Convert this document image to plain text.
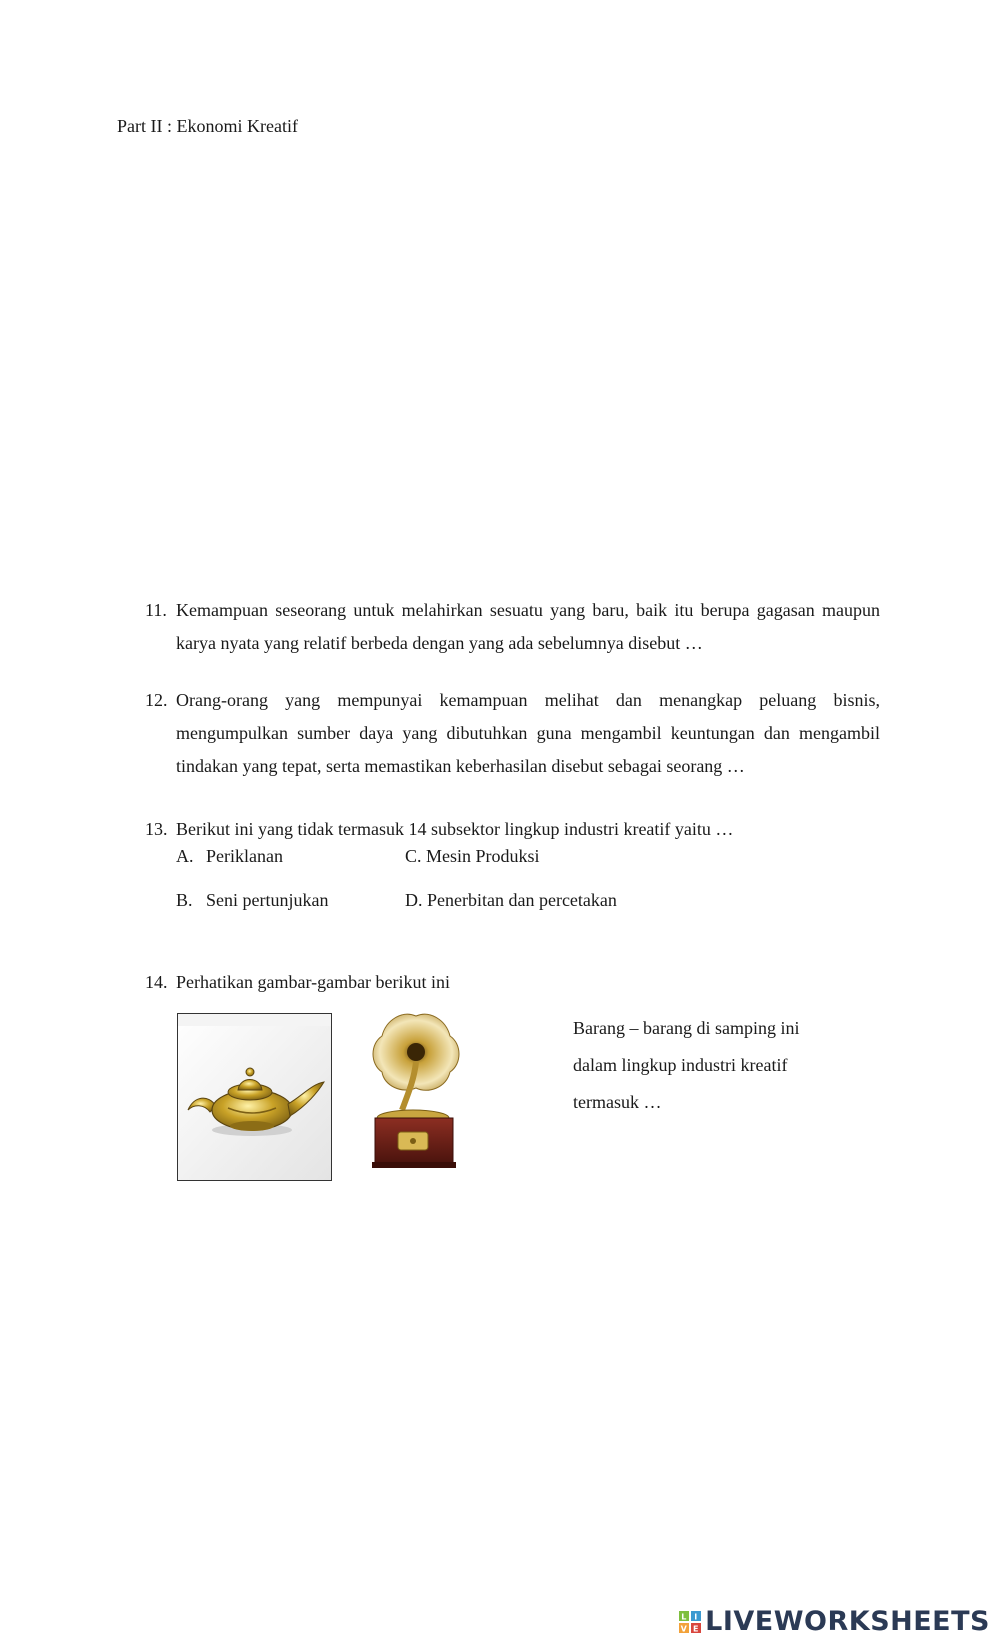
Part II : Ekonomi Kreatif
11. Kemampuan seseorang untuk melahirkan sesuatu yang baru, baik itu berupa gagasan maupun karya nyata yang relatif berbeda dengan yang ada sebelumnya disebut …
12. Orang-orang yang mempunyai kemampuan melihat dan menangkap peluang bisnis, mengumpulkan sumber daya yang dibutuhkan guna mengambil keuntungan dan mengambil tindakan yang tepat, serta memastikan keberhasilan disebut sebagai seorang …
13. Berikut ini yang tidak termasuk 14 subsektor lingkup industri kreatif yaitu …
A. Periklanan
B. Seni pertunjukan
C. Mesin Produksi
D. Penerbitan dan percetakan
14. Perhatikan gambar-gambar berikut ini
Barang – barang di samping ini
dalam lingkup industri kreatif
termasuk …
L I
V E LIVEWORKSHEETS
